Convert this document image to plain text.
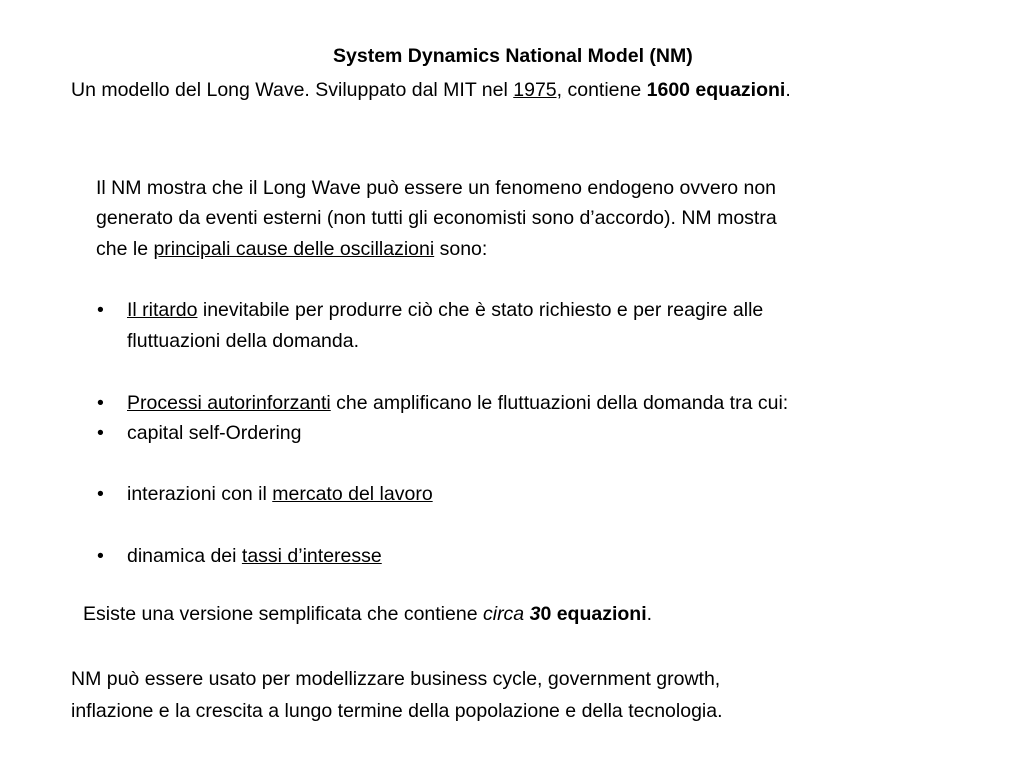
System Dynamics National Model (NM)
Un modello del Long Wave. Sviluppato dal MIT nel 1975, contiene 1600 equazioni.
Il NM mostra che il Long Wave può essere un fenomeno endogeno ovvero non
generato da eventi esterni (non tutti gli economisti sono d’accordo). NM mostra
che le principali cause delle oscillazioni sono:
• Il ritardo inevitabile per produrre ciò che è stato richiesto e per reagire alle
fluttuazioni della domanda.
• Processi autorinforzanti che amplificano le fluttuazioni della domanda tra cui:
• capital self-Ordering
• interazioni con il mercato del lavoro
• dinamica dei tassi d’interesse
Esiste una versione semplificata che contiene circa 30 equazioni.
NM può essere usato per modellizzare business cycle, government growth,
inflazione e la crescita a lungo termine della popolazione e della tecnologia.
